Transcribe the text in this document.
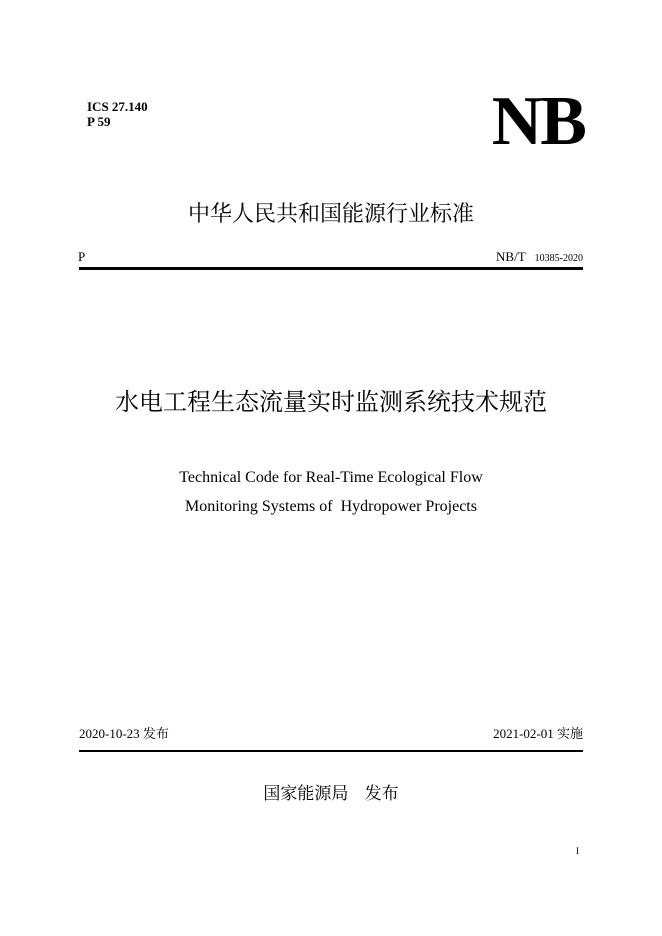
ICS 27.140
P 59	NB
中华人民共和国能源行业标准
P	NB/T 10385-2020
水电工程生态流量实时监测系统技术规范
Technical Code for Real-Time Ecological Flow
Monitoring Systems of  Hydropower Projects
2020-10-23 发布	2021-02-01 实施
国家能源局   发布
I
